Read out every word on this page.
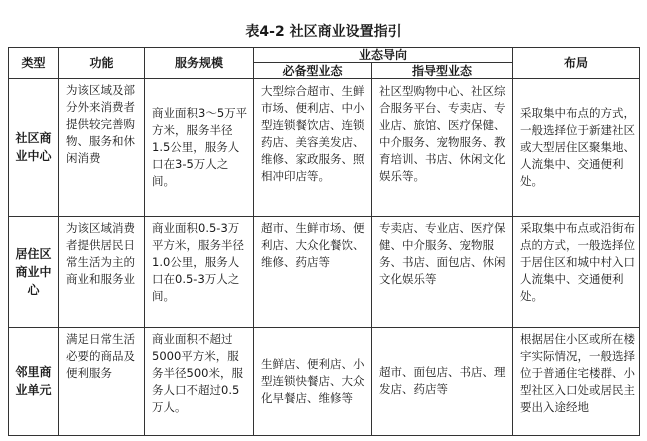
表4-2 社区商业设置指引
类型	功能	服务规模	业态导向		布局
			必备型业态	指导型业态	
社区商业中心	为该区域及部分外来消费者提供较完善购物、服务和休闲消费	商业面积3～5万平方米，服务半径1.5公里，服务人口在3-5万人之间。	大型综合超市、生鲜市场、便利店、中小型连锁餐饮店、连锁药店、美容美发店、维修、家政服务、照相冲印店等。	社区型购物中心、社区综合服务平台、专卖店、专业店、旅馆、医疗保健、中介服务、宠物服务、教育培训、书店、休闲文化娱乐等。	采取集中布点的方式，一般选择位于新建社区或大型居住区聚集地、人流集中、交通便利处。
居住区商业中心	为该区域消费者提供居民日常生活为主的商业和服务业	商业面积0.5-3万平方米，服务半径1.0公里，服务人口在0.5-3万人之间。	超市、生鲜市场、便利店、大众化餐饮、维修、药店等	专卖店、专业店、医疗保健、中介服务、宠物服务、书店、面包店、休闲文化娱乐等	采取集中布点或沿街布点的方式，一般选择位于居住区和城中村入口人流集中、交通便利处。
邻里商业单元	满足日常生活必要的商品及便利服务	商业面积不超过5000平方米，服务半径500米，服务人口不超过0.5万人。	生鲜店、便利店、小型连锁快餐店、大众化早餐店、维修等	超市、面包店、书店、理发店、药店等	根据居住小区或所在楼宇实际情况，一般选择位于普通住宅楼群、小型社区入口处或居民主要出入途经地
